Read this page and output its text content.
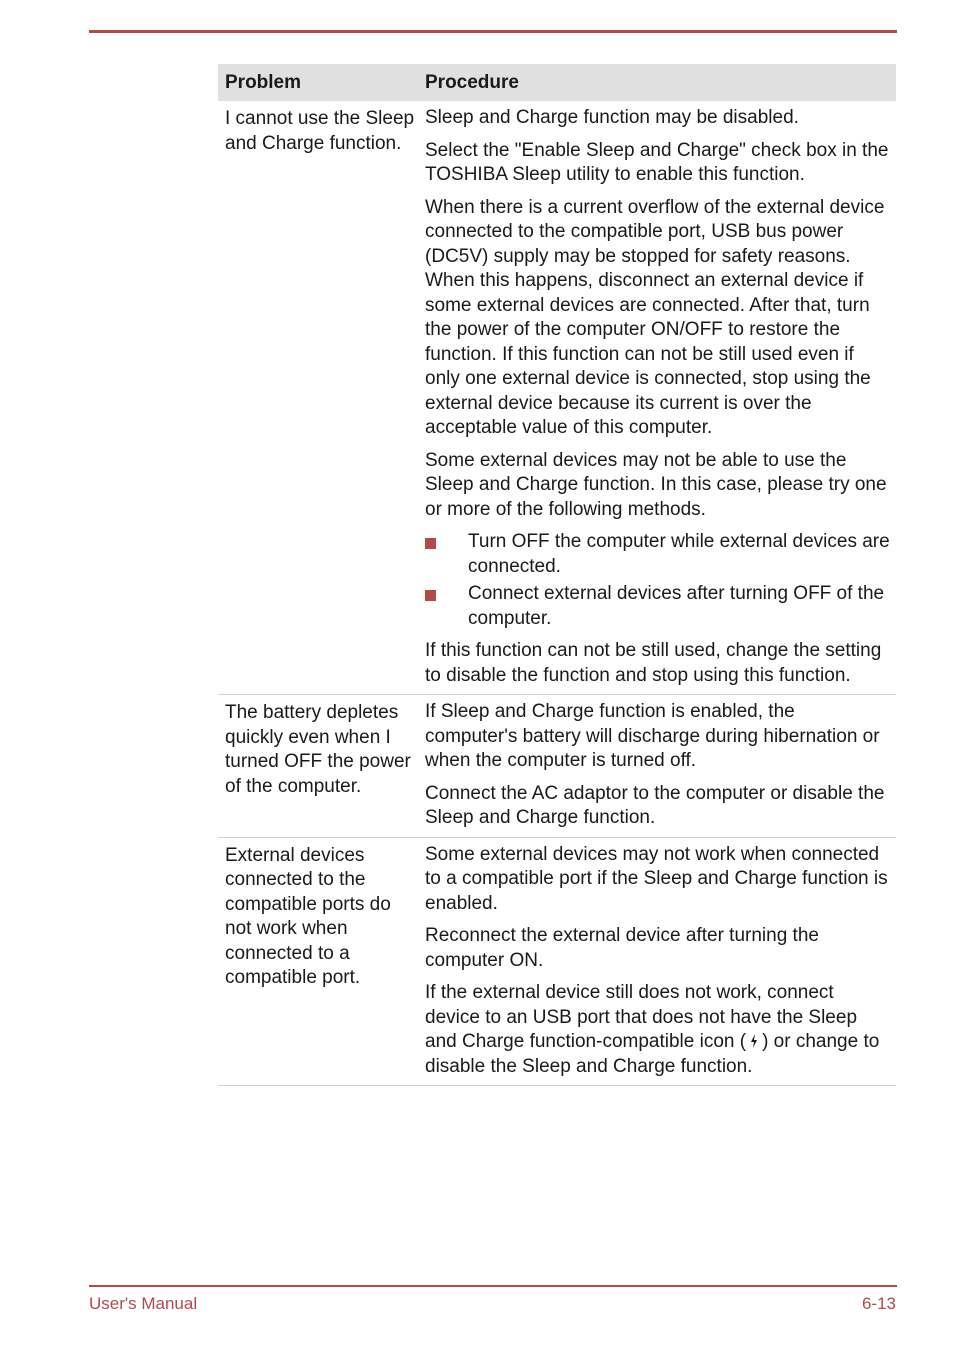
Problem	Procedure
I cannot use the Sleep and Charge function.

Sleep and Charge function may be disabled.

Select the "Enable Sleep and Charge" check box in the TOSHIBA Sleep utility to enable this function.

When there is a current overflow of the external device connected to the compatible port, USB bus power (DC5V) supply may be stopped for safety reasons. When this happens, disconnect an external device if some external devices are connected. After that, turn the power of the computer ON/OFF to restore the function. If this function can not be still used even if only one external device is connected, stop using the external device because its current is over the acceptable value of this computer.

Some external devices may not be able to use the Sleep and Charge function. In this case, please try one or more of the following methods.

Turn OFF the computer while external devices are connected.
Connect external devices after turning OFF of the computer.

If this function can not be still used, change the setting to disable the function and stop using this function.

The battery depletes quickly even when I turned OFF the power of the computer.

If Sleep and Charge function is enabled, the computer's battery will discharge during hibernation or when the computer is turned off.

Connect the AC adaptor to the computer or disable the Sleep and Charge function.

External devices connected to the compatible ports do not work when connected to a compatible port.

Some external devices may not work when connected to a compatible port if the Sleep and Charge function is enabled.

Reconnect the external device after turning the computer ON.

If the external device still does not work, connect device to an USB port that does not have the Sleep and Charge function-compatible icon ( ) or change to disable the Sleep and Charge function.

User's Manual	6-13
